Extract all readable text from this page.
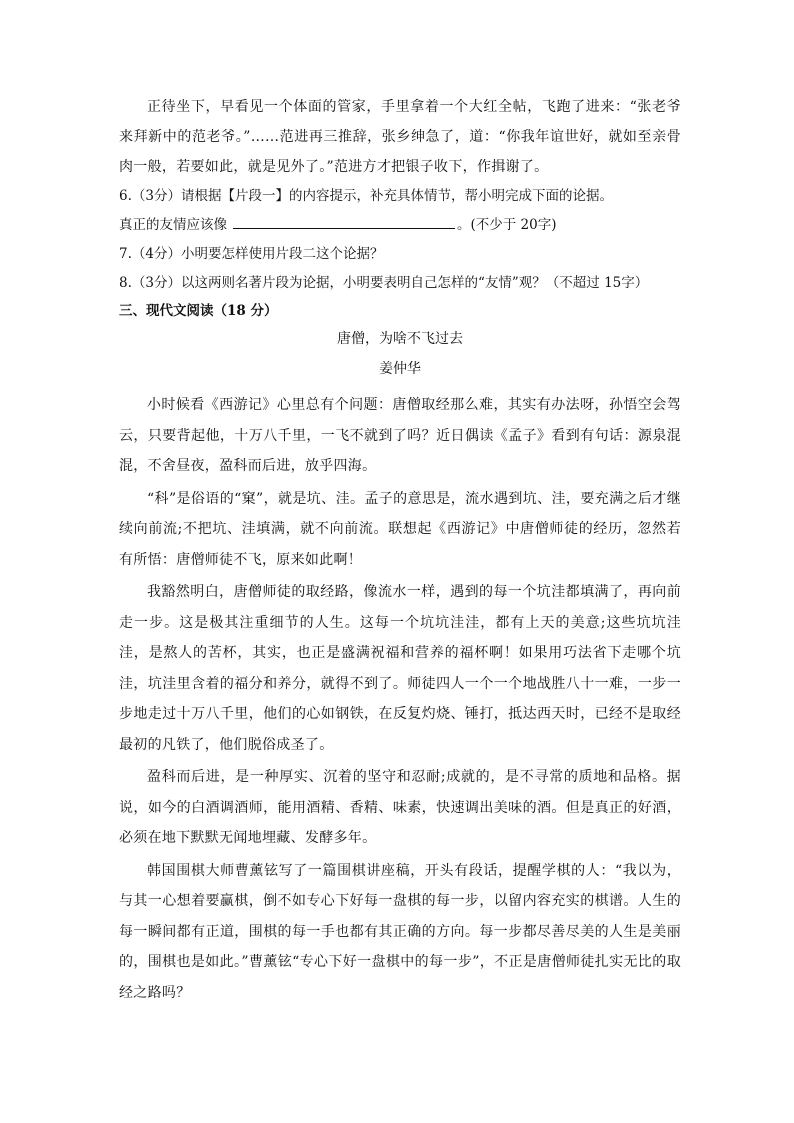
正待坐下，早看见一个体面的管家，手里拿着一个大红全帖，飞跑了进来：“张老爷来拜新中的范老爷。”……范进再三推辞，张乡绅急了，道：“你我年谊世好，就如至亲骨肉一般，若要如此，就是见外了。”范进方才把银子收下，作揖谢了。

6.（3分）请根据【片段一】的内容提示，补充具体情节，帮小明完成下面的论据。

真正的友情应该像	。(不少于 20字)

7.（4分）小明要怎样使用片段二这个论据？

8.（3分）以这两则名著片段为论据，小明要表明自己怎样的“友情”观？（不超过 15字）

三、现代文阅读（18 分）

唐僧，为啥不飞过去

姜仲华

小时候看《西游记》心里总有个问题：唐僧取经那么难，其实有办法呀，孙悟空会驾云，只要背起他，十万八千里，一飞不就到了吗？近日偶读《孟子》看到有句话：源泉混混，不舍昼夜，盈科而后进，放乎四海。

“科”是俗语的“窠”，就是坑、洼。孟子的意思是，流水遇到坑、洼，要充满之后才继续向前流;不把坑、洼填满，就不向前流。联想起《西游记》中唐僧师徒的经历，忽然若有所悟：唐僧师徒不飞，原来如此啊！

我豁然明白，唐僧师徒的取经路，像流水一样，遇到的每一个坑洼都填满了，再向前走一步。这是极其注重细节的人生。这每一个坑坑洼洼，都有上天的美意;这些坑坑洼洼，是熬人的苦杯，其实，也正是盛满祝福和营养的福杯啊！如果用巧法省下走哪个坑洼，坑洼里含着的福分和养分，就得不到了。师徒四人一个一个地战胜八十一难，一步一步地走过十万八千里，他们的心如钢铁，在反复灼烧、锤打，抵达西天时，已经不是取经最初的凡铁了，他们脱俗成圣了。

盈科而后进，是一种厚实、沉着的坚守和忍耐;成就的，是不寻常的质地和品格。据说，如今的白酒调酒师，能用酒精、香精、味素，快速调出美味的酒。但是真正的好酒，必须在地下默默无闻地埋藏、发酵多年。

韩国围棋大师曹薰铉写了一篇围棋讲座稿，开头有段话，提醒学棋的人：“我以为，与其一心想着要赢棋，倒不如专心下好每一盘棋的每一步，以留内容充实的棋谱。人生的每一瞬间都有正道，围棋的每一手也都有其正确的方向。每一步都尽善尽美的人生是美丽的，围棋也是如此。”曹薰铉“专心下好一盘棋中的每一步”，不正是唐僧师徒扎实无比的取经之路吗？
